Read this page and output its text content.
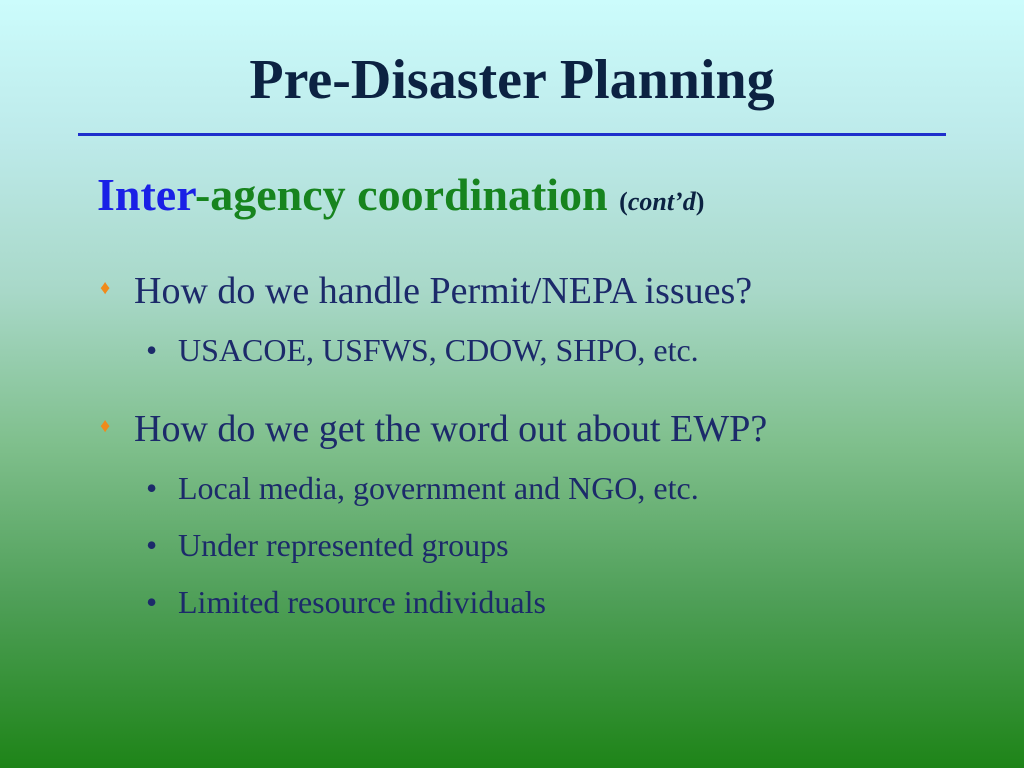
Pre-Disaster Planning
Inter-agency coordination (cont’d)
♦ How do we handle Permit/NEPA issues?
• USACOE, USFWS, CDOW, SHPO, etc.
♦ How do we get the word out about EWP?
• Local media, government and NGO, etc.
• Under represented groups
• Limited resource individuals
